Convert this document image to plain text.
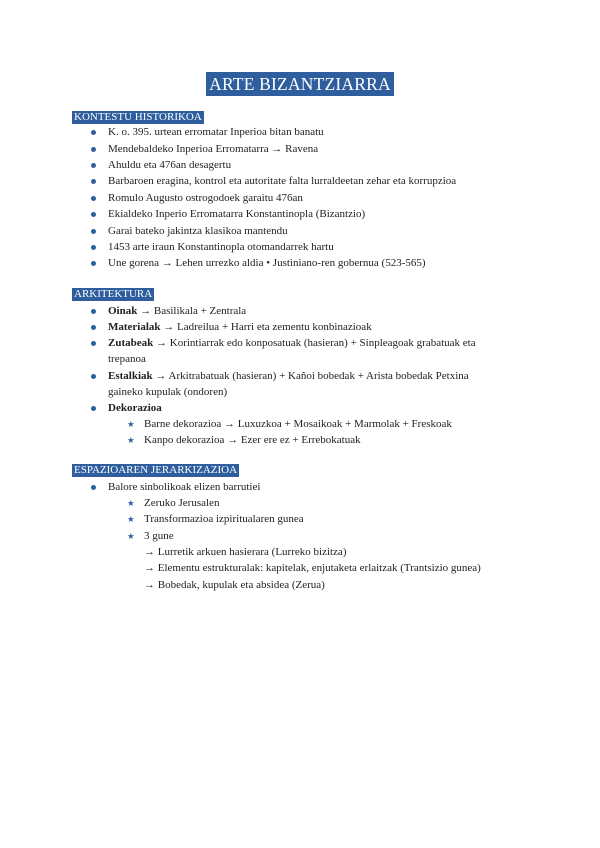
ARTE BIZANTZIARRA
KONTESTU HISTORIKOA
K. o. 395. urtean erromatar Inperioa bitan banatu
Mendebaldeko Inperioa Erromatarra → Ravena
Ahuldu eta 476an desagertu
Barbaroen eragina, kontrol eta autoritate falta lurraldeetan zehar eta korrupzioa
Romulo Augusto ostrogodoek garaitu 476an
Ekialdeko Inperio Erromatarra Konstantinopla (Bizantzio)
Garai bateko jakintza klasikoa mantendu
1453 arte iraun Konstantinopla otomandarrek hartu
Une gorena → Lehen urrezko aldia • Justiniano-ren gobernua (523-565)
ARKITEKTURA
Oinak → Basilikala + Zentrala
Materialak → Ladreilua + Harri eta zementu konbinazioak
Zutabeak → Korintiarrak edo konposatuak (hasieran) + Sinpleagoak grabatuak eta
trepanoa
Estalkiak → Arkitrabatuak (hasieran) + Kañoi bobedak + Arista bobedak Petxina
gaineko kupulak (ondoren)
Dekorazioa
★ Barne dekorazioa → Luxuzkoa + Mosaikoak + Marmolak + Freskoak
★ Kanpo dekorazioa → Ezer ere ez + Errebokatuak
ESPAZIOAREN JERARKIZAZIOA
Balore sinbolikoak elizen barrutiei
★ Zeruko Jerusalen
★ Transformazioa izpiritualaren gunea
★ 3 gune
→ Lurretik arkuen hasierara (Lurreko bizitza)
→ Elementu estrukturalak: kapitelak, enjutaketa erlaitzak (Trantsizio gunea)
→ Bobedak, kupulak eta absidea (Zerua)
